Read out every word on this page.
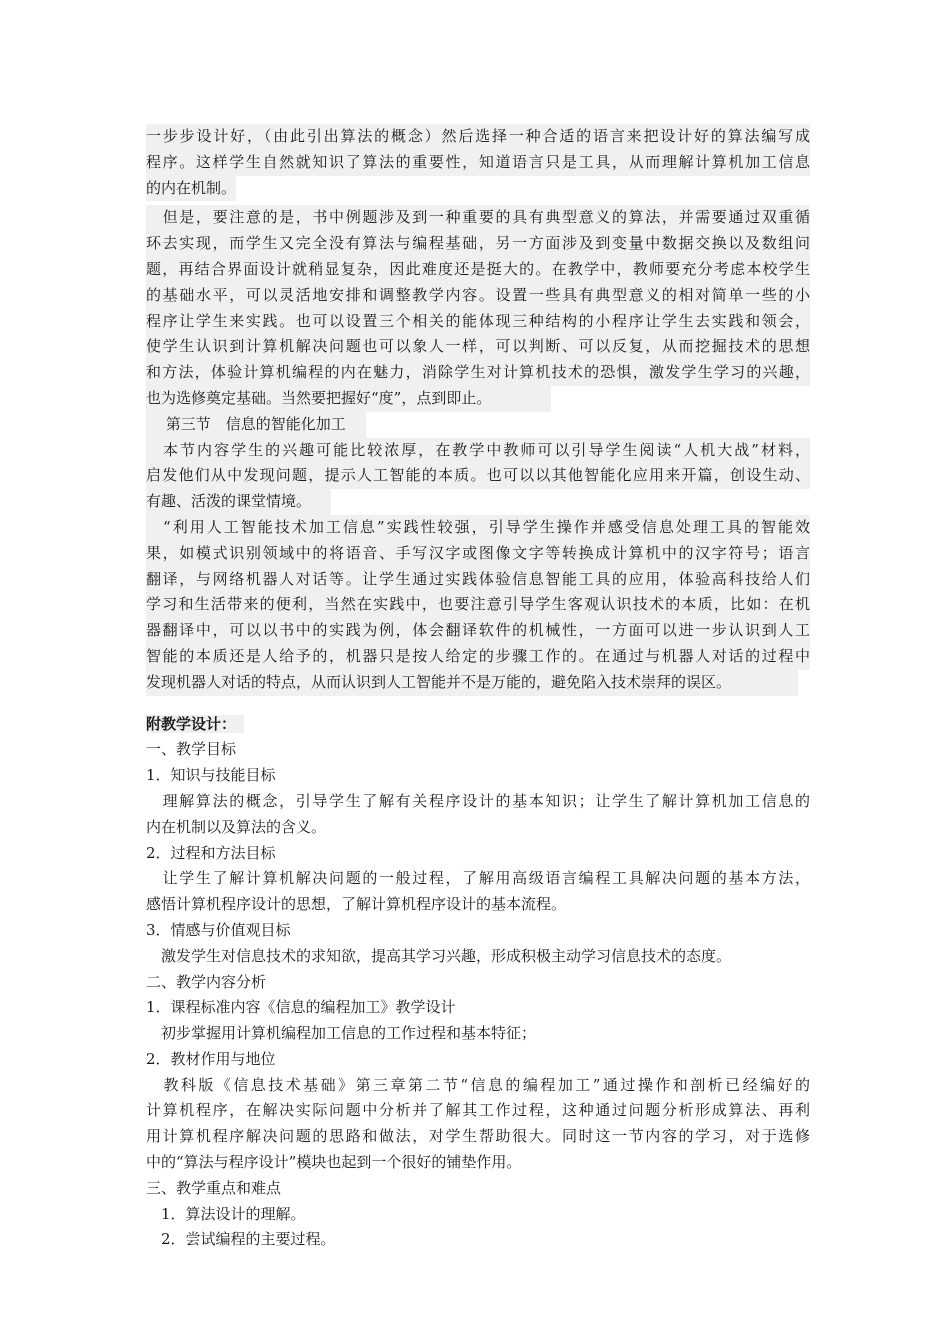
一步步设计好，（由此引出算法的概念）然后选择一种合适的语言来把设计好的算法编写成
程序。这样学生自然就知识了算法的重要性，知道语言只是工具，从而理解计算机加工信息
的内在机制。
　但是，要注意的是，书中例题涉及到一种重要的具有典型意义的算法，并需要通过双重循
环去实现，而学生又完全没有算法与编程基础，另一方面涉及到变量中数据交换以及数组问
题，再结合界面设计就稍显复杂，因此难度还是挺大的。在教学中，教师要充分考虑本校学生
的基础水平，可以灵活地安排和调整教学内容。设置一些具有典型意义的相对简单一些的小
程序让学生来实践。也可以设置三个相关的能体现三种结构的小程序让学生去实践和领会，
使学生认识到计算机解决问题也可以象人一样，可以判断、可以反复，从而挖掘技术的思想
和方法，体验计算机编程的内在魅力，消除学生对计算机技术的恐惧，激发学生学习的兴趣，
也为选修奠定基础。当然要把握好“度”，点到即止。
　 第三节　信息的智能化加工
　本节内容学生的兴趣可能比较浓厚，在教学中教师可以引导学生阅读“人机大战”材料，
启发他们从中发现问题，提示人工智能的本质。也可以以其他智能化应用来开篇，创设生动、
有趣、活泼的课堂情境。
　“利用人工智能技术加工信息”实践性较强，引导学生操作并感受信息处理工具的智能效
果，如模式识别领域中的将语音、手写汉字或图像文字等转换成计算机中的汉字符号；语言
翻译，与网络机器人对话等。让学生通过实践体验信息智能工具的应用，体验高科技给人们
学习和生活带来的便利，当然在实践中，也要注意引导学生客观认识技术的本质，比如：在机
器翻译中，可以以书中的实践为例，体会翻译软件的机械性，一方面可以进一步认识到人工
智能的本质还是人给予的，机器只是按人给定的步骤工作的。在通过与机器人对话的过程中
发现机器人对话的特点，从而认识到人工智能并不是万能的，避免陷入技术崇拜的误区。
附教学设计：
一、教学目标
1．知识与技能目标
　理解算法的概念，引导学生了解有关程序设计的基本知识；让学生了解计算机加工信息的
内在机制以及算法的含义。
2．过程和方法目标
　让学生了解计算机解决问题的一般过程，了解用高级语言编程工具解决问题的基本方法，
感悟计算机程序设计的思想，了解计算机程序设计的基本流程。
3．情感与价值观目标
　激发学生对信息技术的求知欲，提高其学习兴趣，形成积极主动学习信息技术的态度。
二、教学内容分析
1．课程标准内容《信息的编程加工》教学设计
　初步掌握用计算机编程加工信息的工作过程和基本特征；
2．教材作用与地位
　教科版《信息技术基础》第三章第二节“信息的编程加工”通过操作和剖析已经编好的
计算机程序，在解决实际问题中分析并了解其工作过程，这种通过问题分析形成算法、再利
用计算机程序解决问题的思路和做法，对学生帮助很大。同时这一节内容的学习，对于选修
中的“算法与程序设计”模块也起到一个很好的铺垫作用。
三、教学重点和难点
　1．算法设计的理解。
　2．尝试编程的主要过程。
